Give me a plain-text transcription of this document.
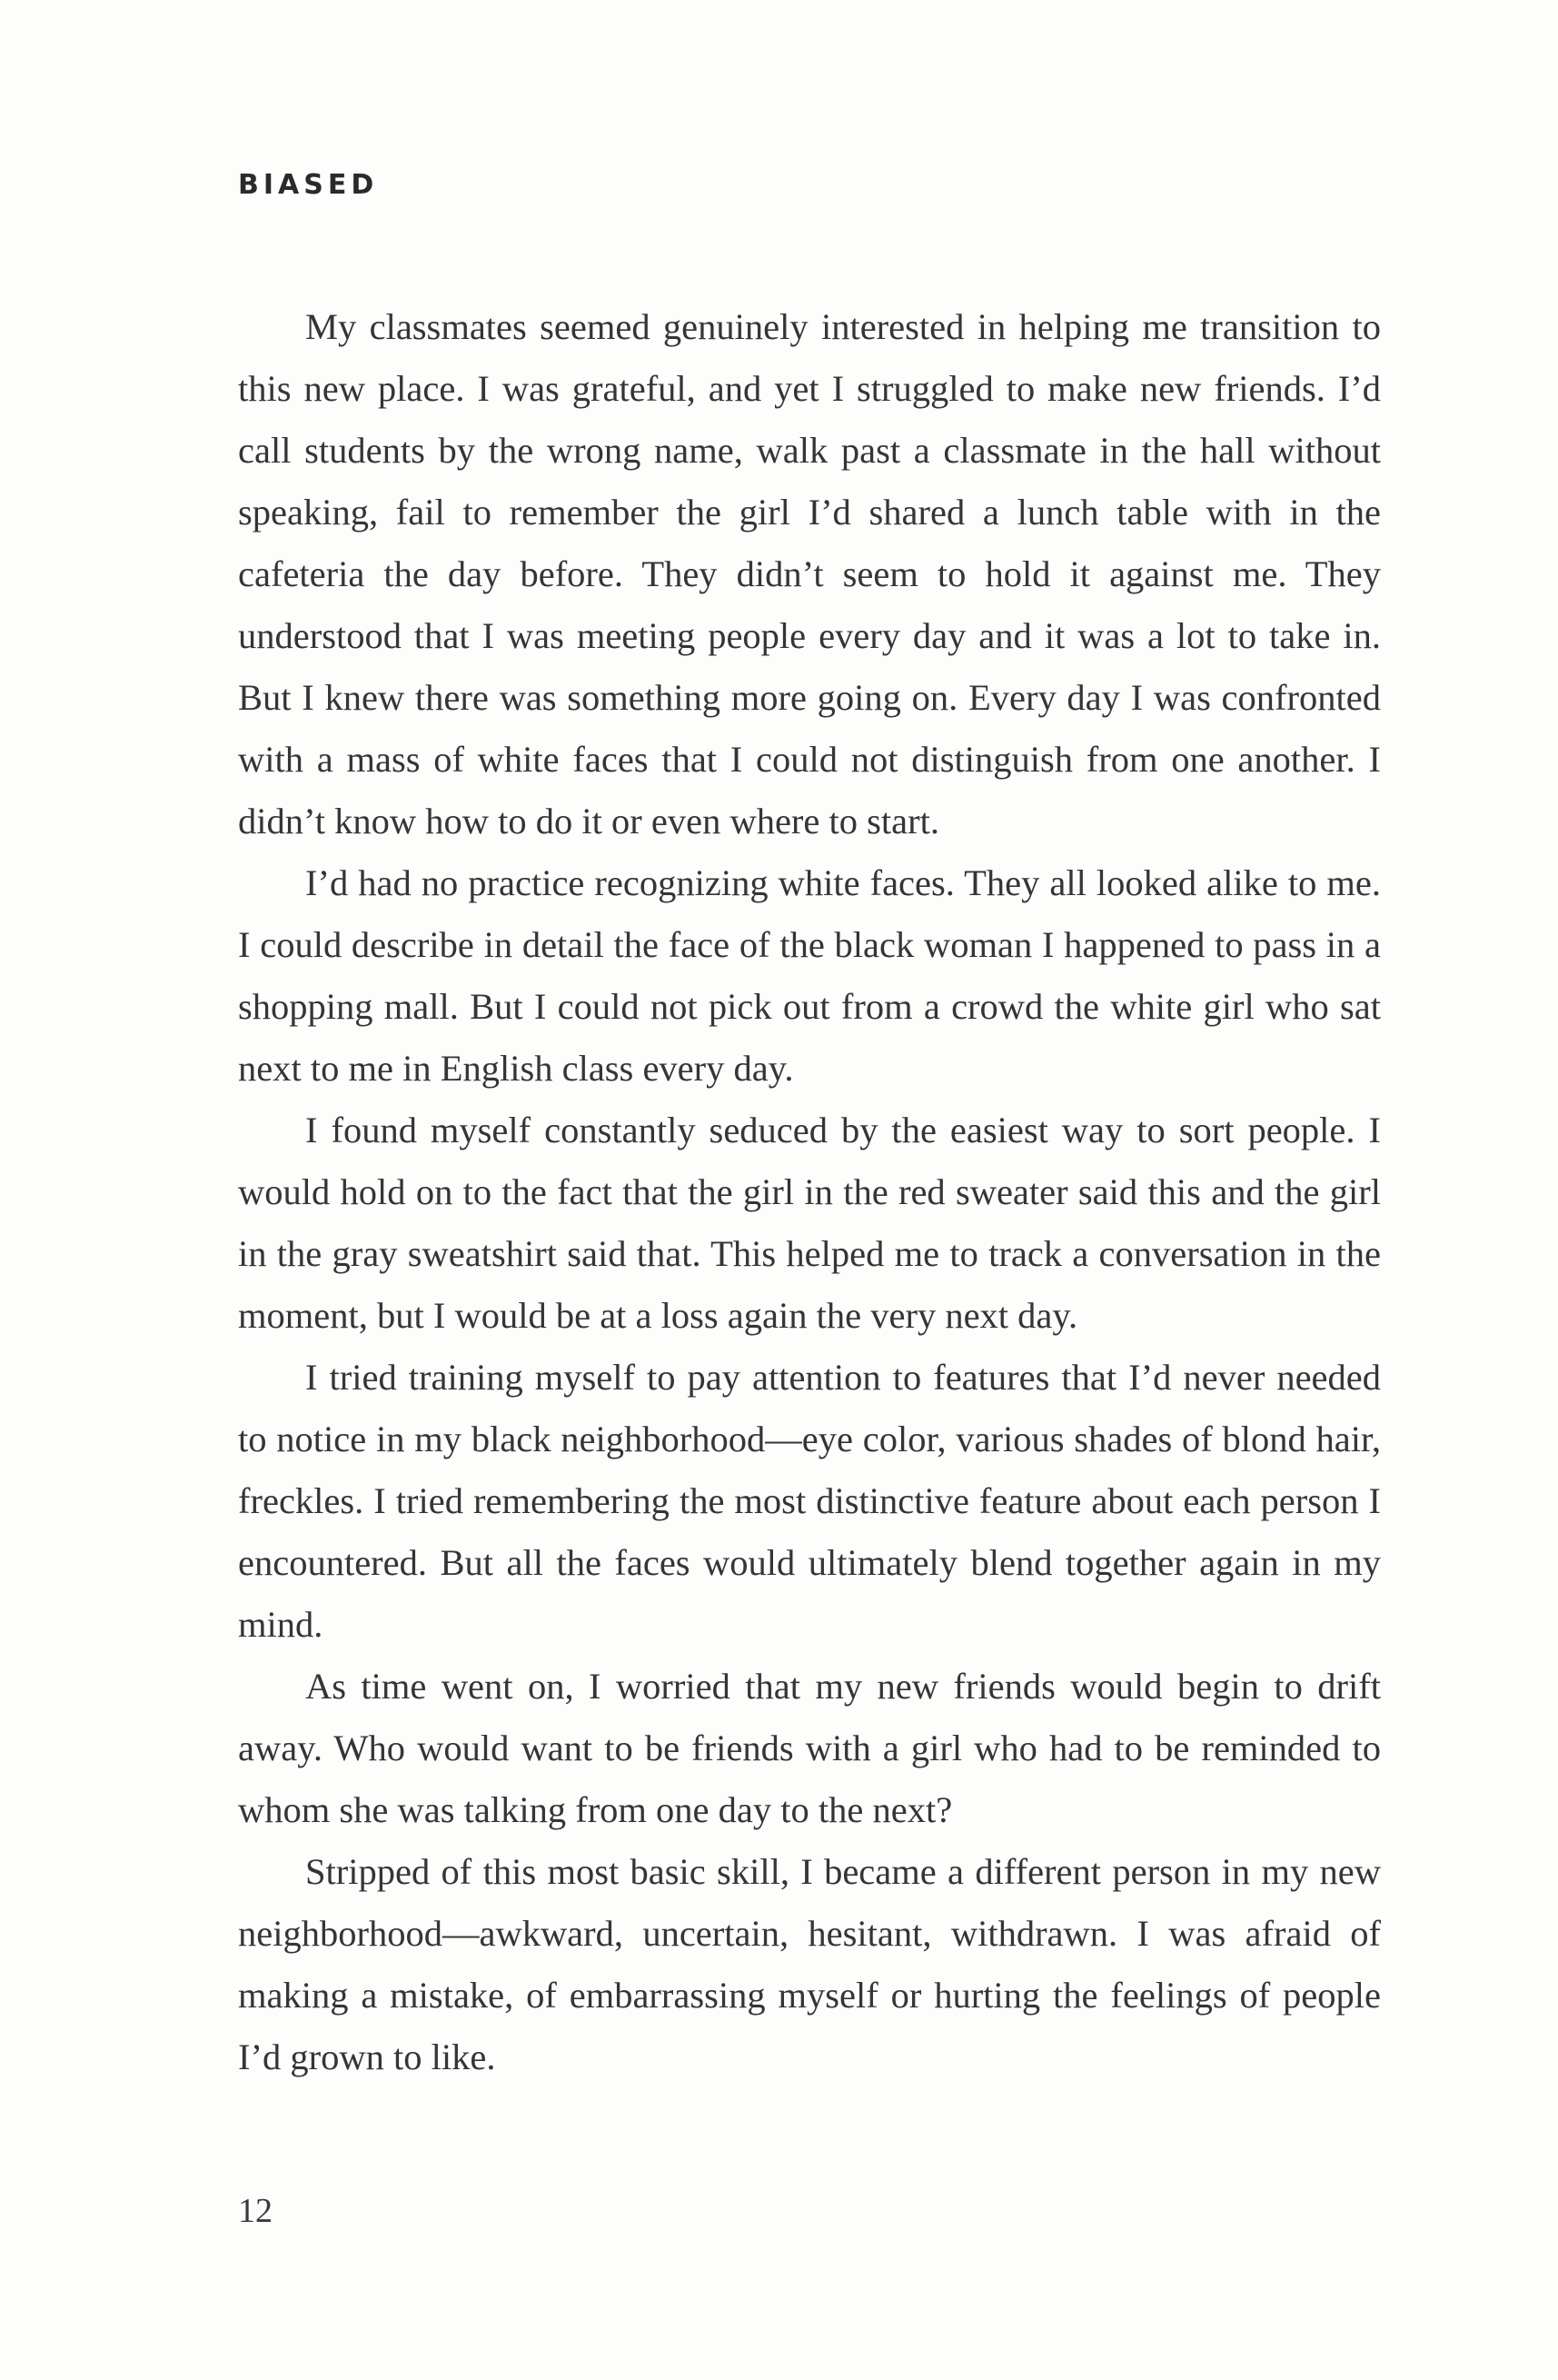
BIASED

My classmates seemed genuinely interested in helping me transition to this new place. I was grateful, and yet I struggled to make new friends. I’d call students by the wrong name, walk past a classmate in the hall without speaking, fail to remember the girl I’d shared a lunch table with in the cafeteria the day before. They didn’t seem to hold it against me. They understood that I was meeting people every day and it was a lot to take in. But I knew there was something more going on. Every day I was confronted with a mass of white faces that I could not distinguish from one another. I didn’t know how to do it or even where to start.

I’d had no practice recognizing white faces. They all looked alike to me. I could describe in detail the face of the black woman I happened to pass in a shopping mall. But I could not pick out from a crowd the white girl who sat next to me in English class every day.

I found myself constantly seduced by the easiest way to sort people. I would hold on to the fact that the girl in the red sweater said this and the girl in the gray sweatshirt said that. This helped me to track a conversation in the moment, but I would be at a loss again the very next day.

I tried training myself to pay attention to features that I’d never needed to notice in my black neighborhood—eye color, various shades of blond hair, freckles. I tried remembering the most distinctive feature about each person I encountered. But all the faces would ultimately blend together again in my mind.

As time went on, I worried that my new friends would begin to drift away. Who would want to be friends with a girl who had to be reminded to whom she was talking from one day to the next?

Stripped of this most basic skill, I became a different person in my new neighborhood—awkward, uncertain, hesitant, withdrawn. I was afraid of making a mistake, of embarrassing myself or hurting the feelings of people I’d grown to like.

12
